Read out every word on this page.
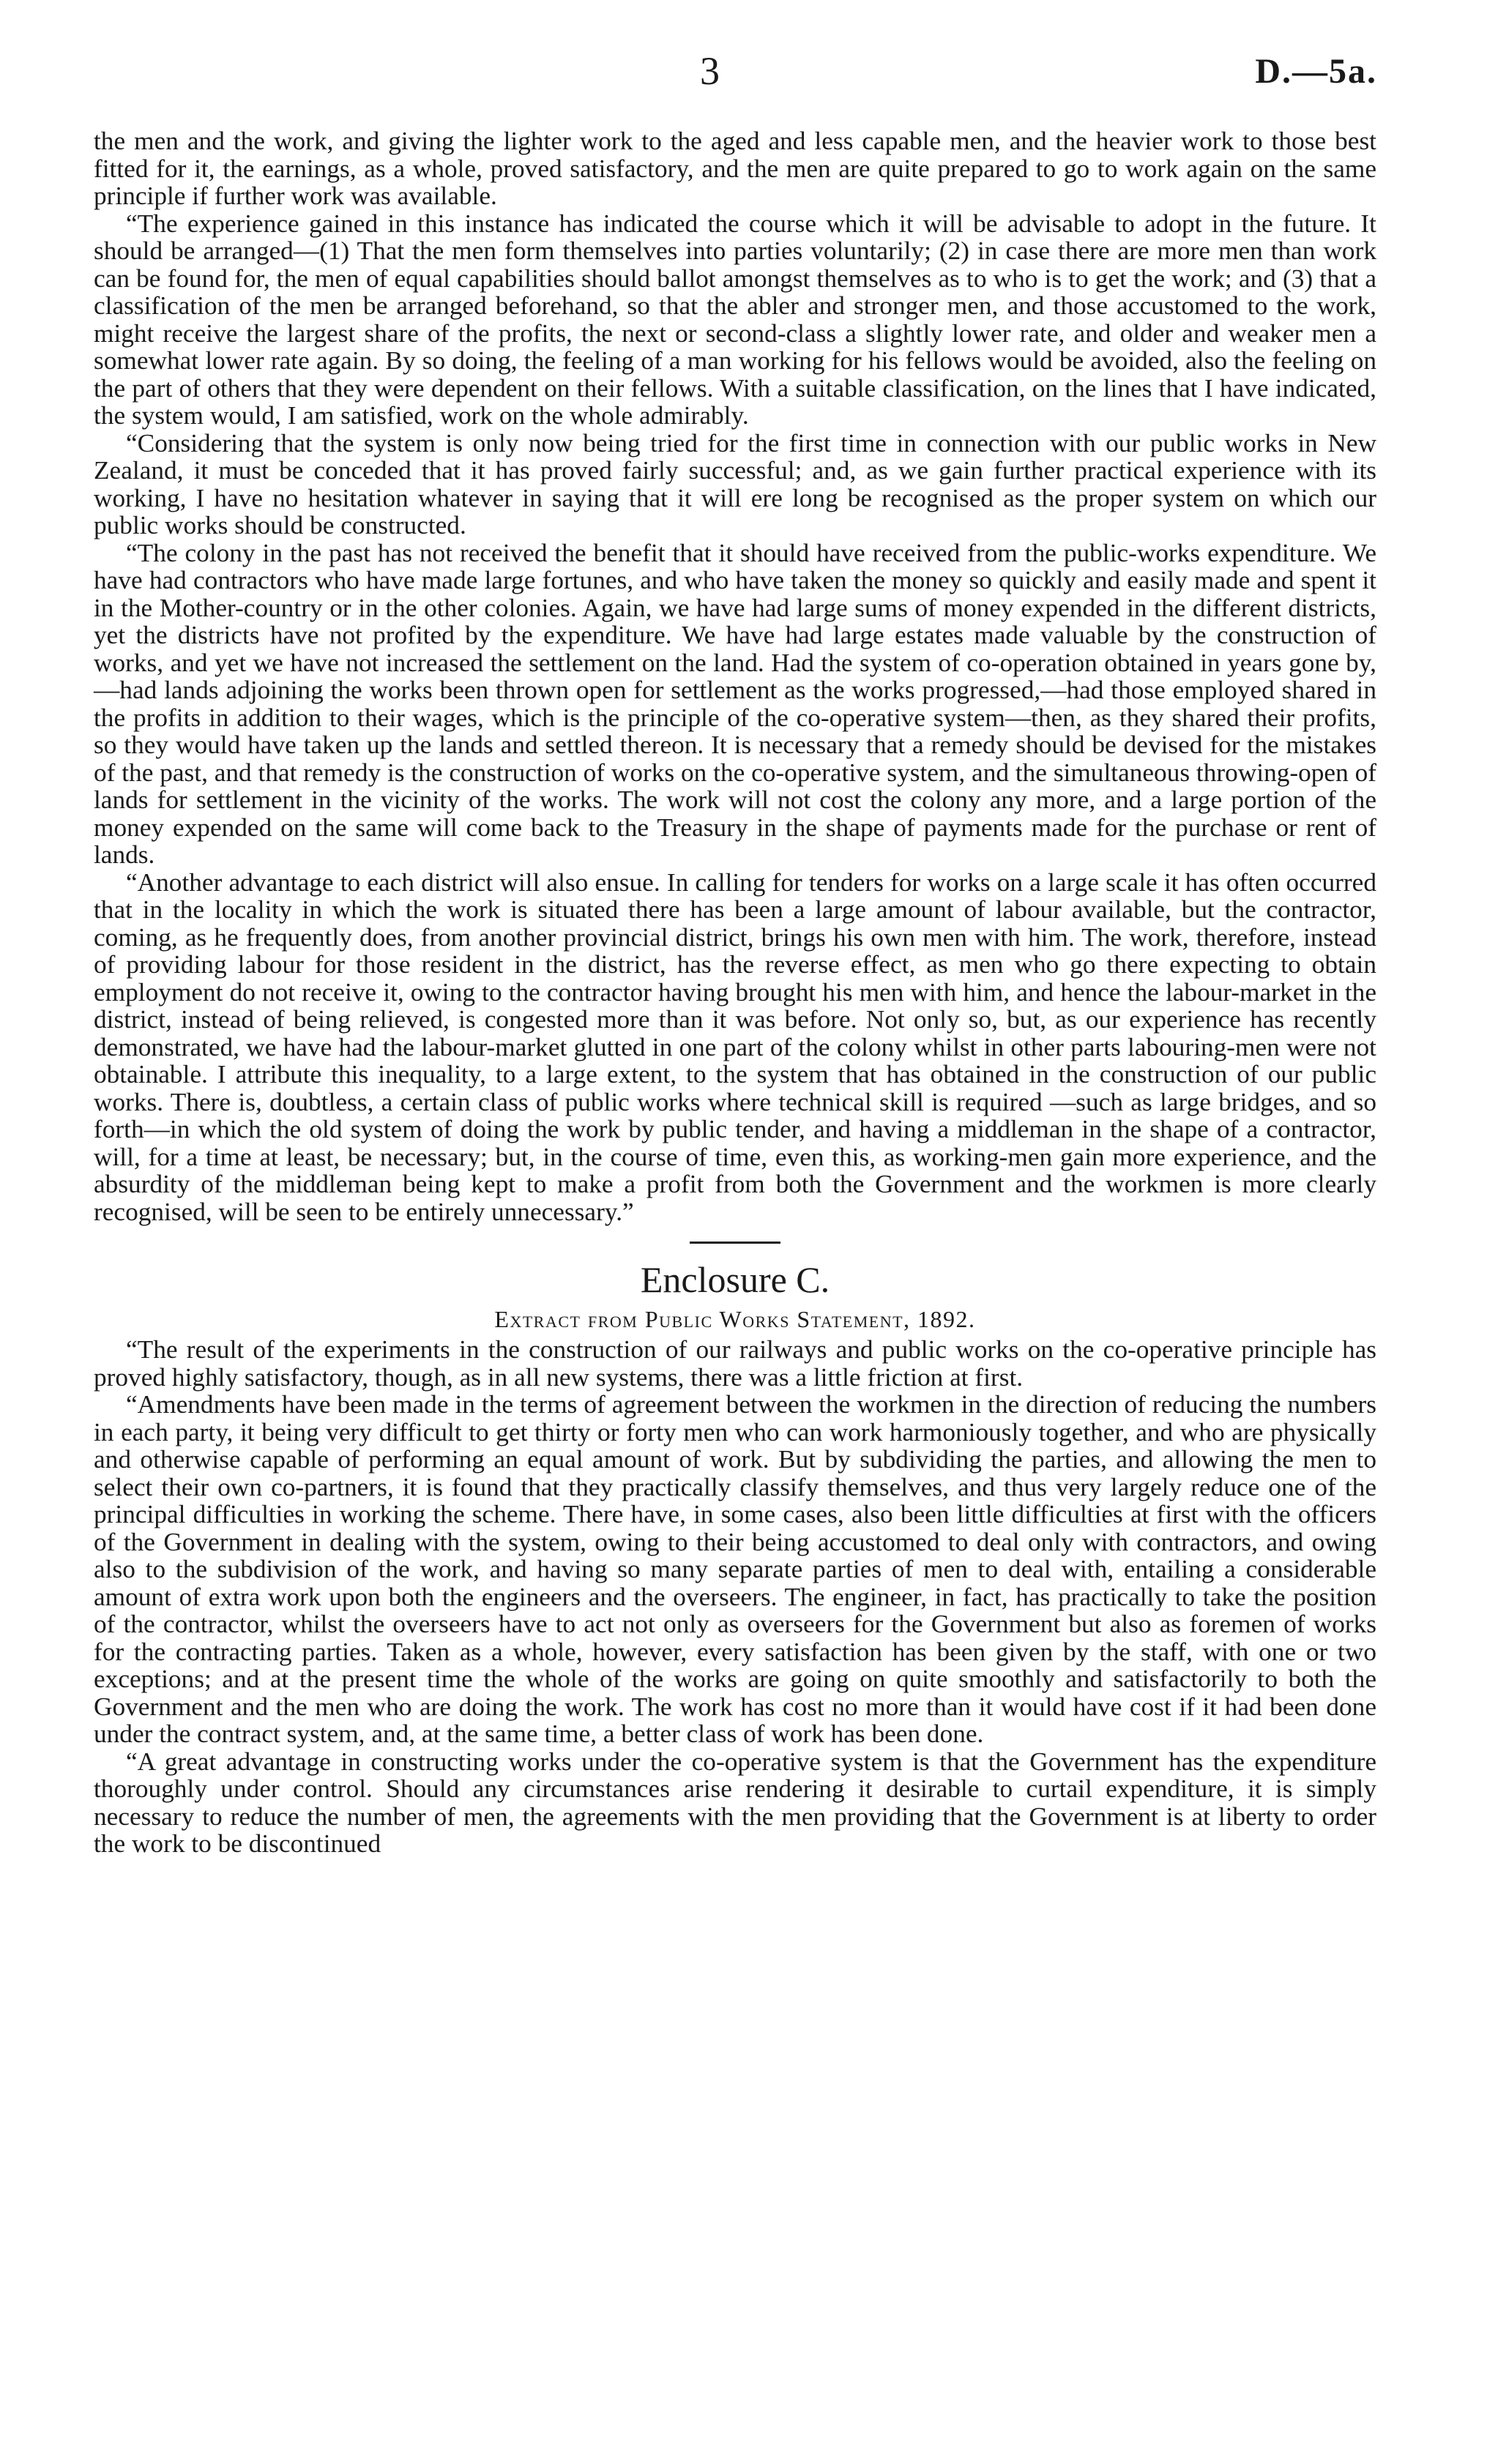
3	D.—5a.

the men and the work, and giving the lighter work to the aged and less capable men, and the heavier work to those best fitted for it, the earnings, as a whole, proved satisfactory, and the men are quite prepared to go to work again on the same principle if further work was available.

“The experience gained in this instance has indicated the course which it will be advisable to adopt in the future. It should be arranged—(1) That the men form themselves into parties voluntarily; (2) in case there are more men than work can be found for, the men of equal capabilities should ballot amongst themselves as to who is to get the work; and (3) that a classification of the men be arranged beforehand, so that the abler and stronger men, and those accustomed to the work, might receive the largest share of the profits, the next or second-class a slightly lower rate, and older and weaker men a somewhat lower rate again. By so doing, the feeling of a man working for his fellows would be avoided, also the feeling on the part of others that they were dependent on their fellows. With a suitable classification, on the lines that I have indicated, the system would, I am satisfied, work on the whole admirably.

“Considering that the system is only now being tried for the first time in connection with our public works in New Zealand, it must be conceded that it has proved fairly successful; and, as we gain further practical experience with its working, I have no hesitation whatever in saying that it will ere long be recognised as the proper system on which our public works should be constructed.

“The colony in the past has not received the benefit that it should have received from the public-works expenditure. We have had contractors who have made large fortunes, and who have taken the money so quickly and easily made and spent it in the Mother-country or in the other colonies. Again, we have had large sums of money expended in the different districts, yet the districts have not profited by the expenditure. We have had large estates made valuable by the construction of works, and yet we have not increased the settlement on the land. Had the system of co-operation obtained in years gone by,—had lands adjoining the works been thrown open for settlement as the works progressed,—had those employed shared in the profits in addition to their wages, which is the principle of the co-operative system—then, as they shared their profits, so they would have taken up the lands and settled thereon. It is necessary that a remedy should be devised for the mistakes of the past, and that remedy is the construction of works on the co-operative system, and the simultaneous throwing-open of lands for settlement in the vicinity of the works. The work will not cost the colony any more, and a large portion of the money expended on the same will come back to the Treasury in the shape of payments made for the purchase or rent of lands.

“Another advantage to each district will also ensue. In calling for tenders for works on a large scale it has often occurred that in the locality in which the work is situated there has been a large amount of labour available, but the contractor, coming, as he frequently does, from another provincial district, brings his own men with him. The work, therefore, instead of providing labour for those resident in the district, has the reverse effect, as men who go there expecting to obtain employment do not receive it, owing to the contractor having brought his men with him, and hence the labour-market in the district, instead of being relieved, is congested more than it was before. Not only so, but, as our experience has recently demonstrated, we have had the labour-market glutted in one part of the colony whilst in other parts labouring-men were not obtainable. I attribute this inequality, to a large extent, to the system that has obtained in the construction of our public works. There is, doubtless, a certain class of public works where technical skill is required —such as large bridges, and so forth—in which the old system of doing the work by public tender, and having a middleman in the shape of a contractor, will, for a time at least, be necessary; but, in the course of time, even this, as working-men gain more experience, and the absurdity of the middleman being kept to make a profit from both the Government and the workmen is more clearly recognised, will be seen to be entirely unnecessary.”

Enclosure C.
Extract from Public Works Statement, 1892.

“The result of the experiments in the construction of our railways and public works on the co-operative principle has proved highly satisfactory, though, as in all new systems, there was a little friction at first.

“Amendments have been made in the terms of agreement between the workmen in the direction of reducing the numbers in each party, it being very difficult to get thirty or forty men who can work harmoniously together, and who are physically and otherwise capable of performing an equal amount of work. But by subdividing the parties, and allowing the men to select their own co-partners, it is found that they practically classify themselves, and thus very largely reduce one of the principal difficulties in working the scheme. There have, in some cases, also been little difficulties at first with the officers of the Government in dealing with the system, owing to their being accustomed to deal only with contractors, and owing also to the subdivision of the work, and having so many separate parties of men to deal with, entailing a considerable amount of extra work upon both the engineers and the overseers. The engineer, in fact, has practically to take the position of the contractor, whilst the overseers have to act not only as overseers for the Government but also as foremen of works for the contracting parties. Taken as a whole, however, every satisfaction has been given by the staff, with one or two exceptions; and at the present time the whole of the works are going on quite smoothly and satisfactorily to both the Government and the men who are doing the work. The work has cost no more than it would have cost if it had been done under the contract system, and, at the same time, a better class of work has been done.

“A great advantage in constructing works under the co-operative system is that the Government has the expenditure thoroughly under control. Should any circumstances arise rendering it desirable to curtail expenditure, it is simply necessary to reduce the number of men, the agreements with the men providing that the Government is at liberty to order the work to be discontinued
